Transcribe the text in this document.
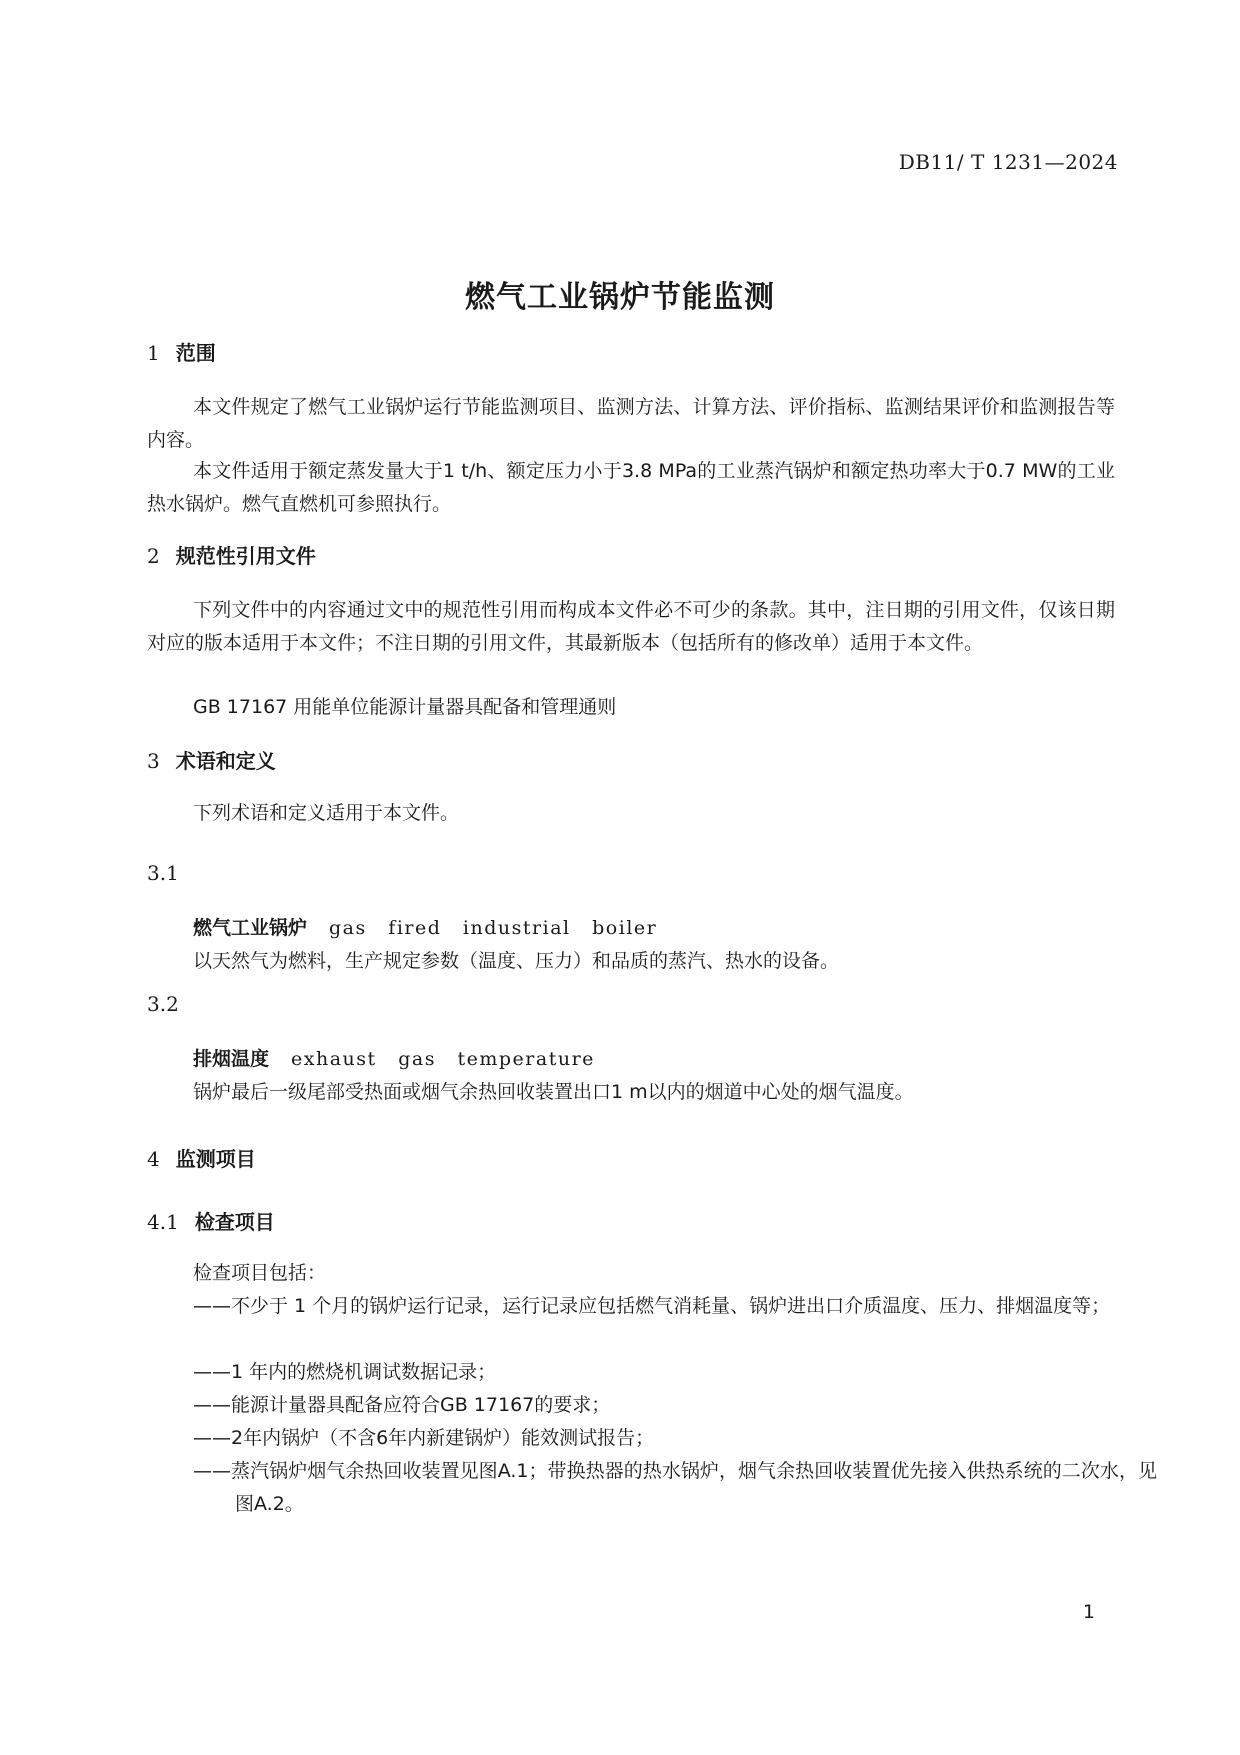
DB11/ T 1231—2024
燃气工业锅炉节能监测
1 范围
本文件规定了燃气工业锅炉运行节能监测项目、监测方法、计算方法、评价指标、监测结果评价和监测报告等内容。
本文件适用于额定蒸发量大于1 t/h、额定压力小于3.8 MPa的工业蒸汽锅炉和额定热功率大于0.7 MW的工业热水锅炉。燃气直燃机可参照执行。
2 规范性引用文件
下列文件中的内容通过文中的规范性引用而构成本文件必不可少的条款。其中，注日期的引用文件，仅该日期对应的版本适用于本文件；不注日期的引用文件，其最新版本（包括所有的修改单）适用于本文件。
GB 17167 用能单位能源计量器具配备和管理通则
3 术语和定义
下列术语和定义适用于本文件。
3.1
燃气工业锅炉 gas fired industrial boiler
以天然气为燃料，生产规定参数（温度、压力）和品质的蒸汽、热水的设备。
3.2
排烟温度 exhaust gas temperature
锅炉最后一级尾部受热面或烟气余热回收装置出口1 m以内的烟道中心处的烟气温度。
4 监测项目
4.1 检查项目
检查项目包括：
——不少于 1 个月的锅炉运行记录，运行记录应包括燃气消耗量、锅炉进出口介质温度、压力、排烟温度等；
——1 年内的燃烧机调试数据记录；
——能源计量器具配备应符合GB 17167的要求；
——2年内锅炉（不含6年内新建锅炉）能效测试报告；
——蒸汽锅炉烟气余热回收装置见图A.1；带换热器的热水锅炉，烟气余热回收装置优先接入供热系统的二次水，见图A.2。
1
